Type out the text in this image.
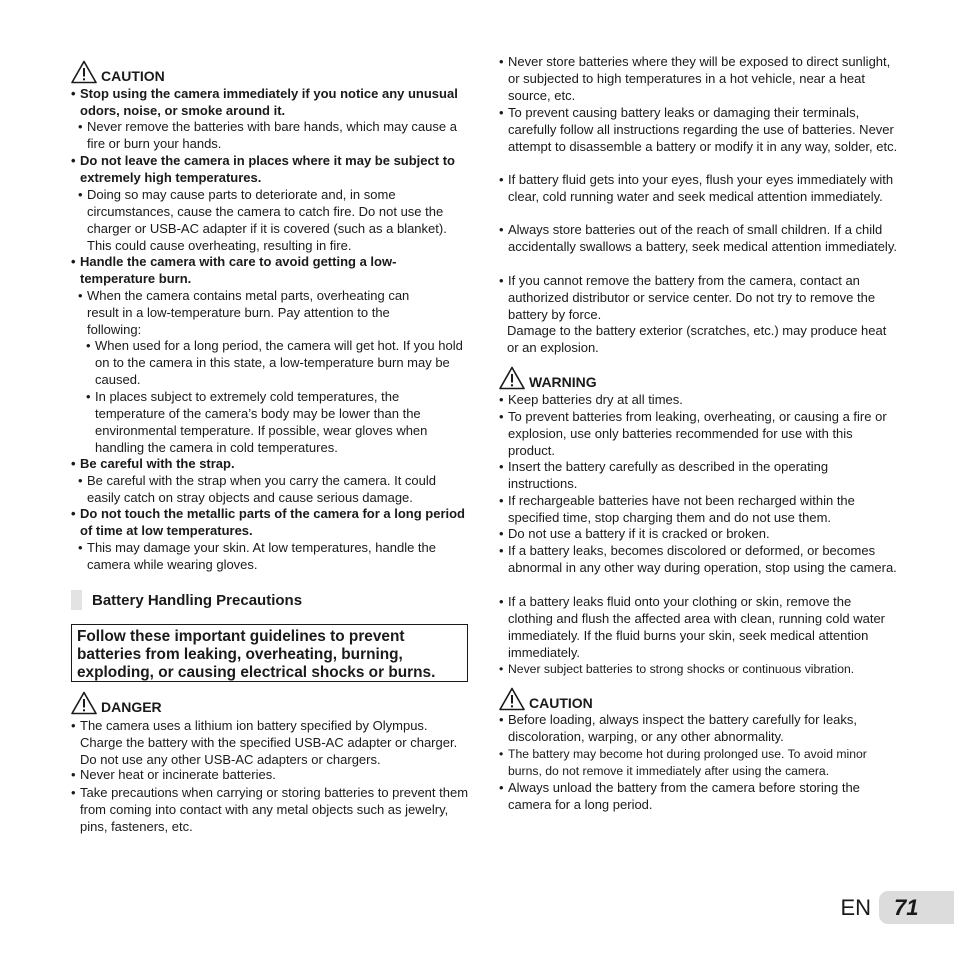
CAUTION
• Stop using the camera immediately if you notice any unusual odors, noise, or smoke around it.
• Never remove the batteries with bare hands, which may cause a fire or burn your hands.
• Do not leave the camera in places where it may be subject to extremely high temperatures.
• Doing so may cause parts to deteriorate and, in some circumstances, cause the camera to catch fire. Do not use the charger or USB-AC adapter if it is covered (such as a blanket). This could cause overheating, resulting in fire.
• Handle the camera with care to avoid getting a low-temperature burn.
• When the camera contains metal parts, overheating can result in a low-temperature burn. Pay attention to the following:
• When used for a long period, the camera will get hot. If you hold on to the camera in this state, a low-temperature burn may be caused.
• In places subject to extremely cold temperatures, the temperature of the camera’s body may be lower than the environmental temperature. If possible, wear gloves when handling the camera in cold temperatures.
• Be careful with the strap.
• Be careful with the strap when you carry the camera. It could easily catch on stray objects and cause serious damage.
• Do not touch the metallic parts of the camera for a long period of time at low temperatures.
• This may damage your skin. At low temperatures, handle the camera while wearing gloves.
Battery Handling Precautions
Follow these important guidelines to prevent batteries from leaking, overheating, burning, exploding, or causing electrical shocks or burns.
DANGER
• The camera uses a lithium ion battery specified by Olympus. Charge the battery with the specified USB-AC adapter or charger. Do not use any other USB-AC adapters or chargers.
• Never heat or incinerate batteries.
• Take precautions when carrying or storing batteries to prevent them from coming into contact with any metal objects such as jewelry, pins, fasteners, etc.
• Never store batteries where they will be exposed to direct sunlight, or subjected to high temperatures in a hot vehicle, near a heat source, etc.
• To prevent causing battery leaks or damaging their terminals, carefully follow all instructions regarding the use of batteries. Never attempt to disassemble a battery or modify it in any way, solder, etc.
• If battery fluid gets into your eyes, flush your eyes immediately with clear, cold running water and seek medical attention immediately.
• Always store batteries out of the reach of small children. If a child accidentally swallows a battery, seek medical attention immediately.
• If you cannot remove the battery from the camera, contact an authorized distributor or service center. Do not try to remove the battery by force.
Damage to the battery exterior (scratches, etc.) may produce heat or an explosion.
WARNING
• Keep batteries dry at all times.
• To prevent batteries from leaking, overheating, or causing a fire or explosion, use only batteries recommended for use with this product.
• Insert the battery carefully as described in the operating instructions.
• If rechargeable batteries have not been recharged within the specified time, stop charging them and do not use them.
• Do not use a battery if it is cracked or broken.
• If a battery leaks, becomes discolored or deformed, or becomes abnormal in any other way during operation, stop using the camera.
• If a battery leaks fluid onto your clothing or skin, remove the clothing and flush the affected area with clean, running cold water immediately. If the fluid burns your skin, seek medical attention immediately.
• Never subject batteries to strong shocks or continuous vibration.
CAUTION
• Before loading, always inspect the battery carefully for leaks, discoloration, warping, or any other abnormality.
• The battery may become hot during prolonged use. To avoid minor burns, do not remove it immediately after using the camera.
• Always unload the battery from the camera before storing the camera for a long period.
EN	71
